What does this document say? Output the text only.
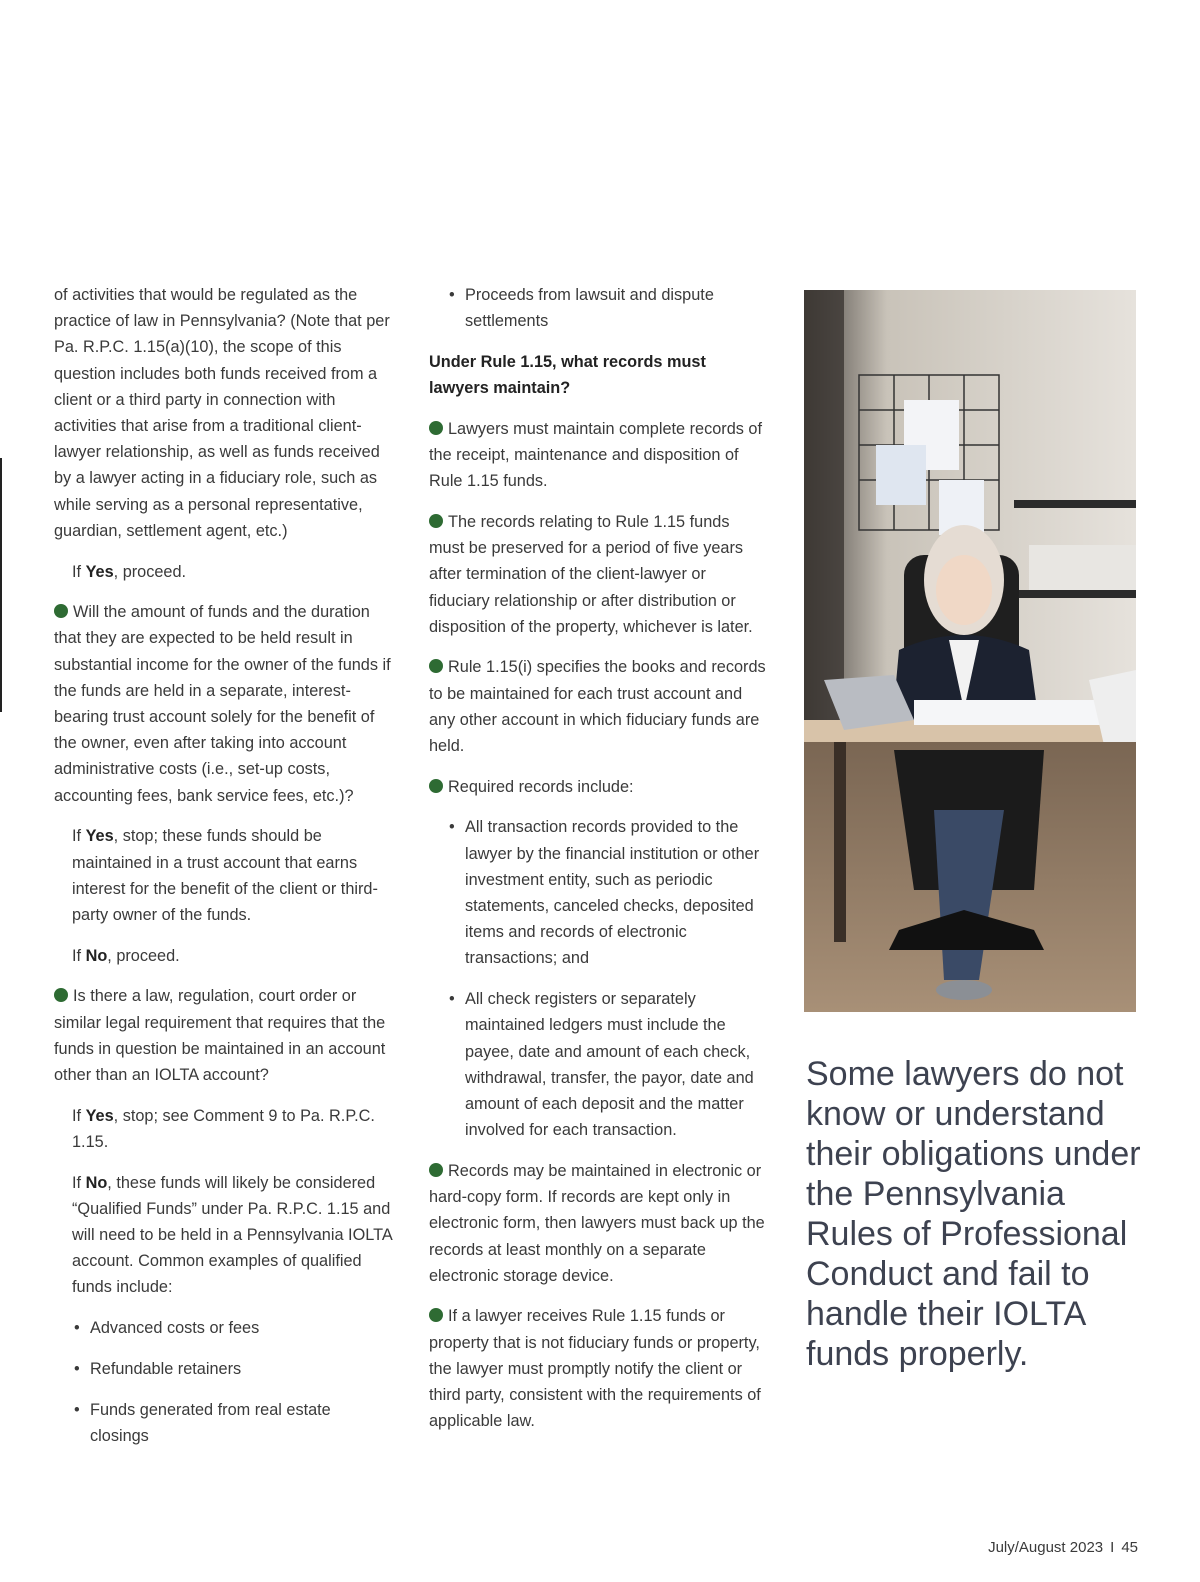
of activities that would be regulated as the practice of law in Pennsylvania? (Note that per Pa. R.P.C. 1.15(a)(10), the scope of this question includes both funds received from a client or a third party in connection with activities that arise from a traditional client-lawyer relationship, as well as funds received by a lawyer acting in a fiduciary role, such as while serving as a personal representative, guardian, settlement agent, etc.)

If Yes, proceed.

Will the amount of funds and the duration that they are expected to be held result in substantial income for the owner of the funds if the funds are held in a separate, interest-bearing trust account solely for the benefit of the owner, even after taking into account administrative costs (i.e., set-up costs, accounting fees, bank service fees, etc.)?

If Yes, stop; these funds should be maintained in a trust account that earns interest for the benefit of the client or third-party owner of the funds.

If No, proceed.

Is there a law, regulation, court order or similar legal requirement that requires that the funds in question be maintained in an account other than an IOLTA account?

If Yes, stop; see Comment 9 to Pa. R.P.C. 1.15.

If No, these funds will likely be considered “Qualified Funds” under Pa. R.P.C. 1.15 and will need to be held in a Pennsylvania IOLTA account. Common examples of qualified funds include:

• Advanced costs or fees
• Refundable retainers
• Funds generated from real estate closings
• Proceeds from lawsuit and dispute settlements

Under Rule 1.15, what records must lawyers maintain?

Lawyers must maintain complete records of the receipt, maintenance and disposition of Rule 1.15 funds.

The records relating to Rule 1.15 funds must be preserved for a period of five years after termination of the client-lawyer or fiduciary relationship or after distribution or disposition of the property, whichever is later.

Rule 1.15(i) specifies the books and records to be maintained for each trust account and any other account in which fiduciary funds are held.

Required records include:

• All transaction records provided to the lawyer by the financial institution or other investment entity, such as periodic statements, canceled checks, deposited items and records of electronic transactions; and
• All check registers or separately maintained ledgers must include the payee, date and amount of each check, withdrawal, transfer, the payor, date and amount of each deposit and the matter involved for each transaction.

Records may be maintained in electronic or hard-copy form. If records are kept only in electronic form, then lawyers must back up the records at least monthly on a separate electronic storage device.

If a lawyer receives Rule 1.15 funds or property that is not fiduciary funds or property, the lawyer must promptly notify the client or third party, consistent with the requirements of applicable law.

Some lawyers do not know or understand their obligations under the Pennsylvania Rules of Professional Conduct and fail to handle their IOLTA funds properly.
July/August 2023 I 45
